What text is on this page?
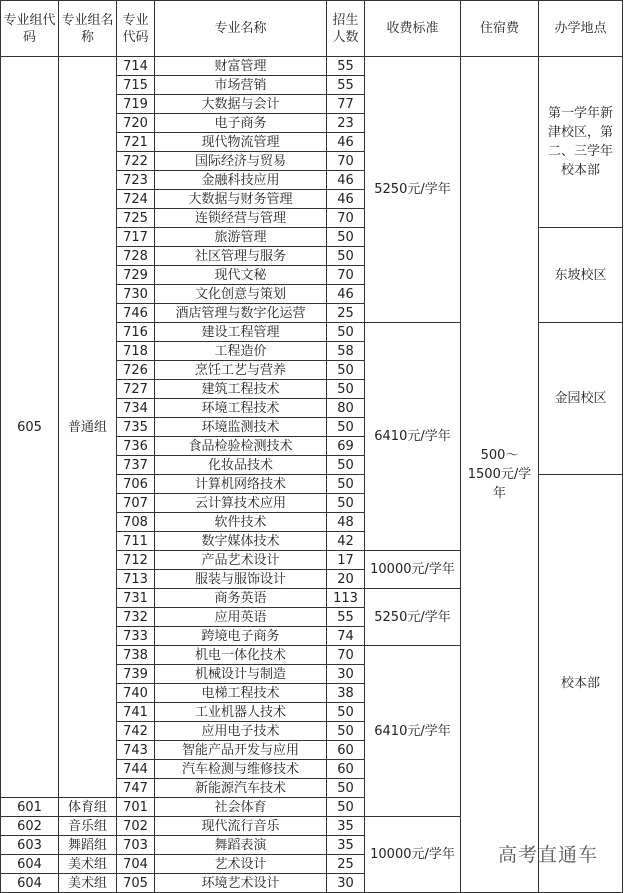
专业组代码	专业组名称	专业代码	专业名称	招生人数	收费标准	住宿费	办学地点	
605	普通组	714	财富管理	55	5250元/学年	500～1500元/学年	第一学年新津校区，第二、三学年校本部	
		715	市场营销	55				
		719	大数据与会计	77				
		720	电子商务	23				
		721	现代物流管理	46				
		722	国际经济与贸易	70				
		723	金融科技应用	46				
		724	大数据与财务管理	46				
		725	连锁经营与管理	70				
		717	旅游管理	50			东坡校区	
		728	社区管理与服务	50				
		729	现代文秘	70				
		730	文化创意与策划	46				
		746	酒店管理与数字化运营	25				
		716	建设工程管理	50	6410元/学年		金园校区	
		718	工程造价	58				
		726	烹饪工艺与营养	50				
		727	建筑工程技术	50				
		734	环境工程技术	80				
		735	环境监测技术	50				
		736	食品检验检测技术	69				
		737	化妆品技术	50				
		706	计算机网络技术	50			校本部	
		707	云计算技术应用	50				
		708	软件技术	48				
		711	数字媒体技术	42				
		712	产品艺术设计	17	10000元/学年			
		713	服装与服饰设计	20				
		731	商务英语	113	5250元/学年			
		732	应用英语	55				
		733	跨境电子商务	74				
		738	机电一体化技术	70	6410元/学年			
		739	机械设计与制造	30				
		740	电梯工程技术	38				
		741	工业机器人技术	50				
		742	应用电子技术	50				
		743	智能产品开发与应用	60				
		744	汽车检测与维修技术	60				
		747	新能源汽车技术	50				
601	体育组	701	社会体育	50				
602	音乐组	702	现代流行音乐	35	10000元/学年			
603	舞蹈组	703	舞蹈表演	35				
604	美术组	704	艺术设计	25				
604	美术组	705	环境艺术设计	30				
高考直通车
